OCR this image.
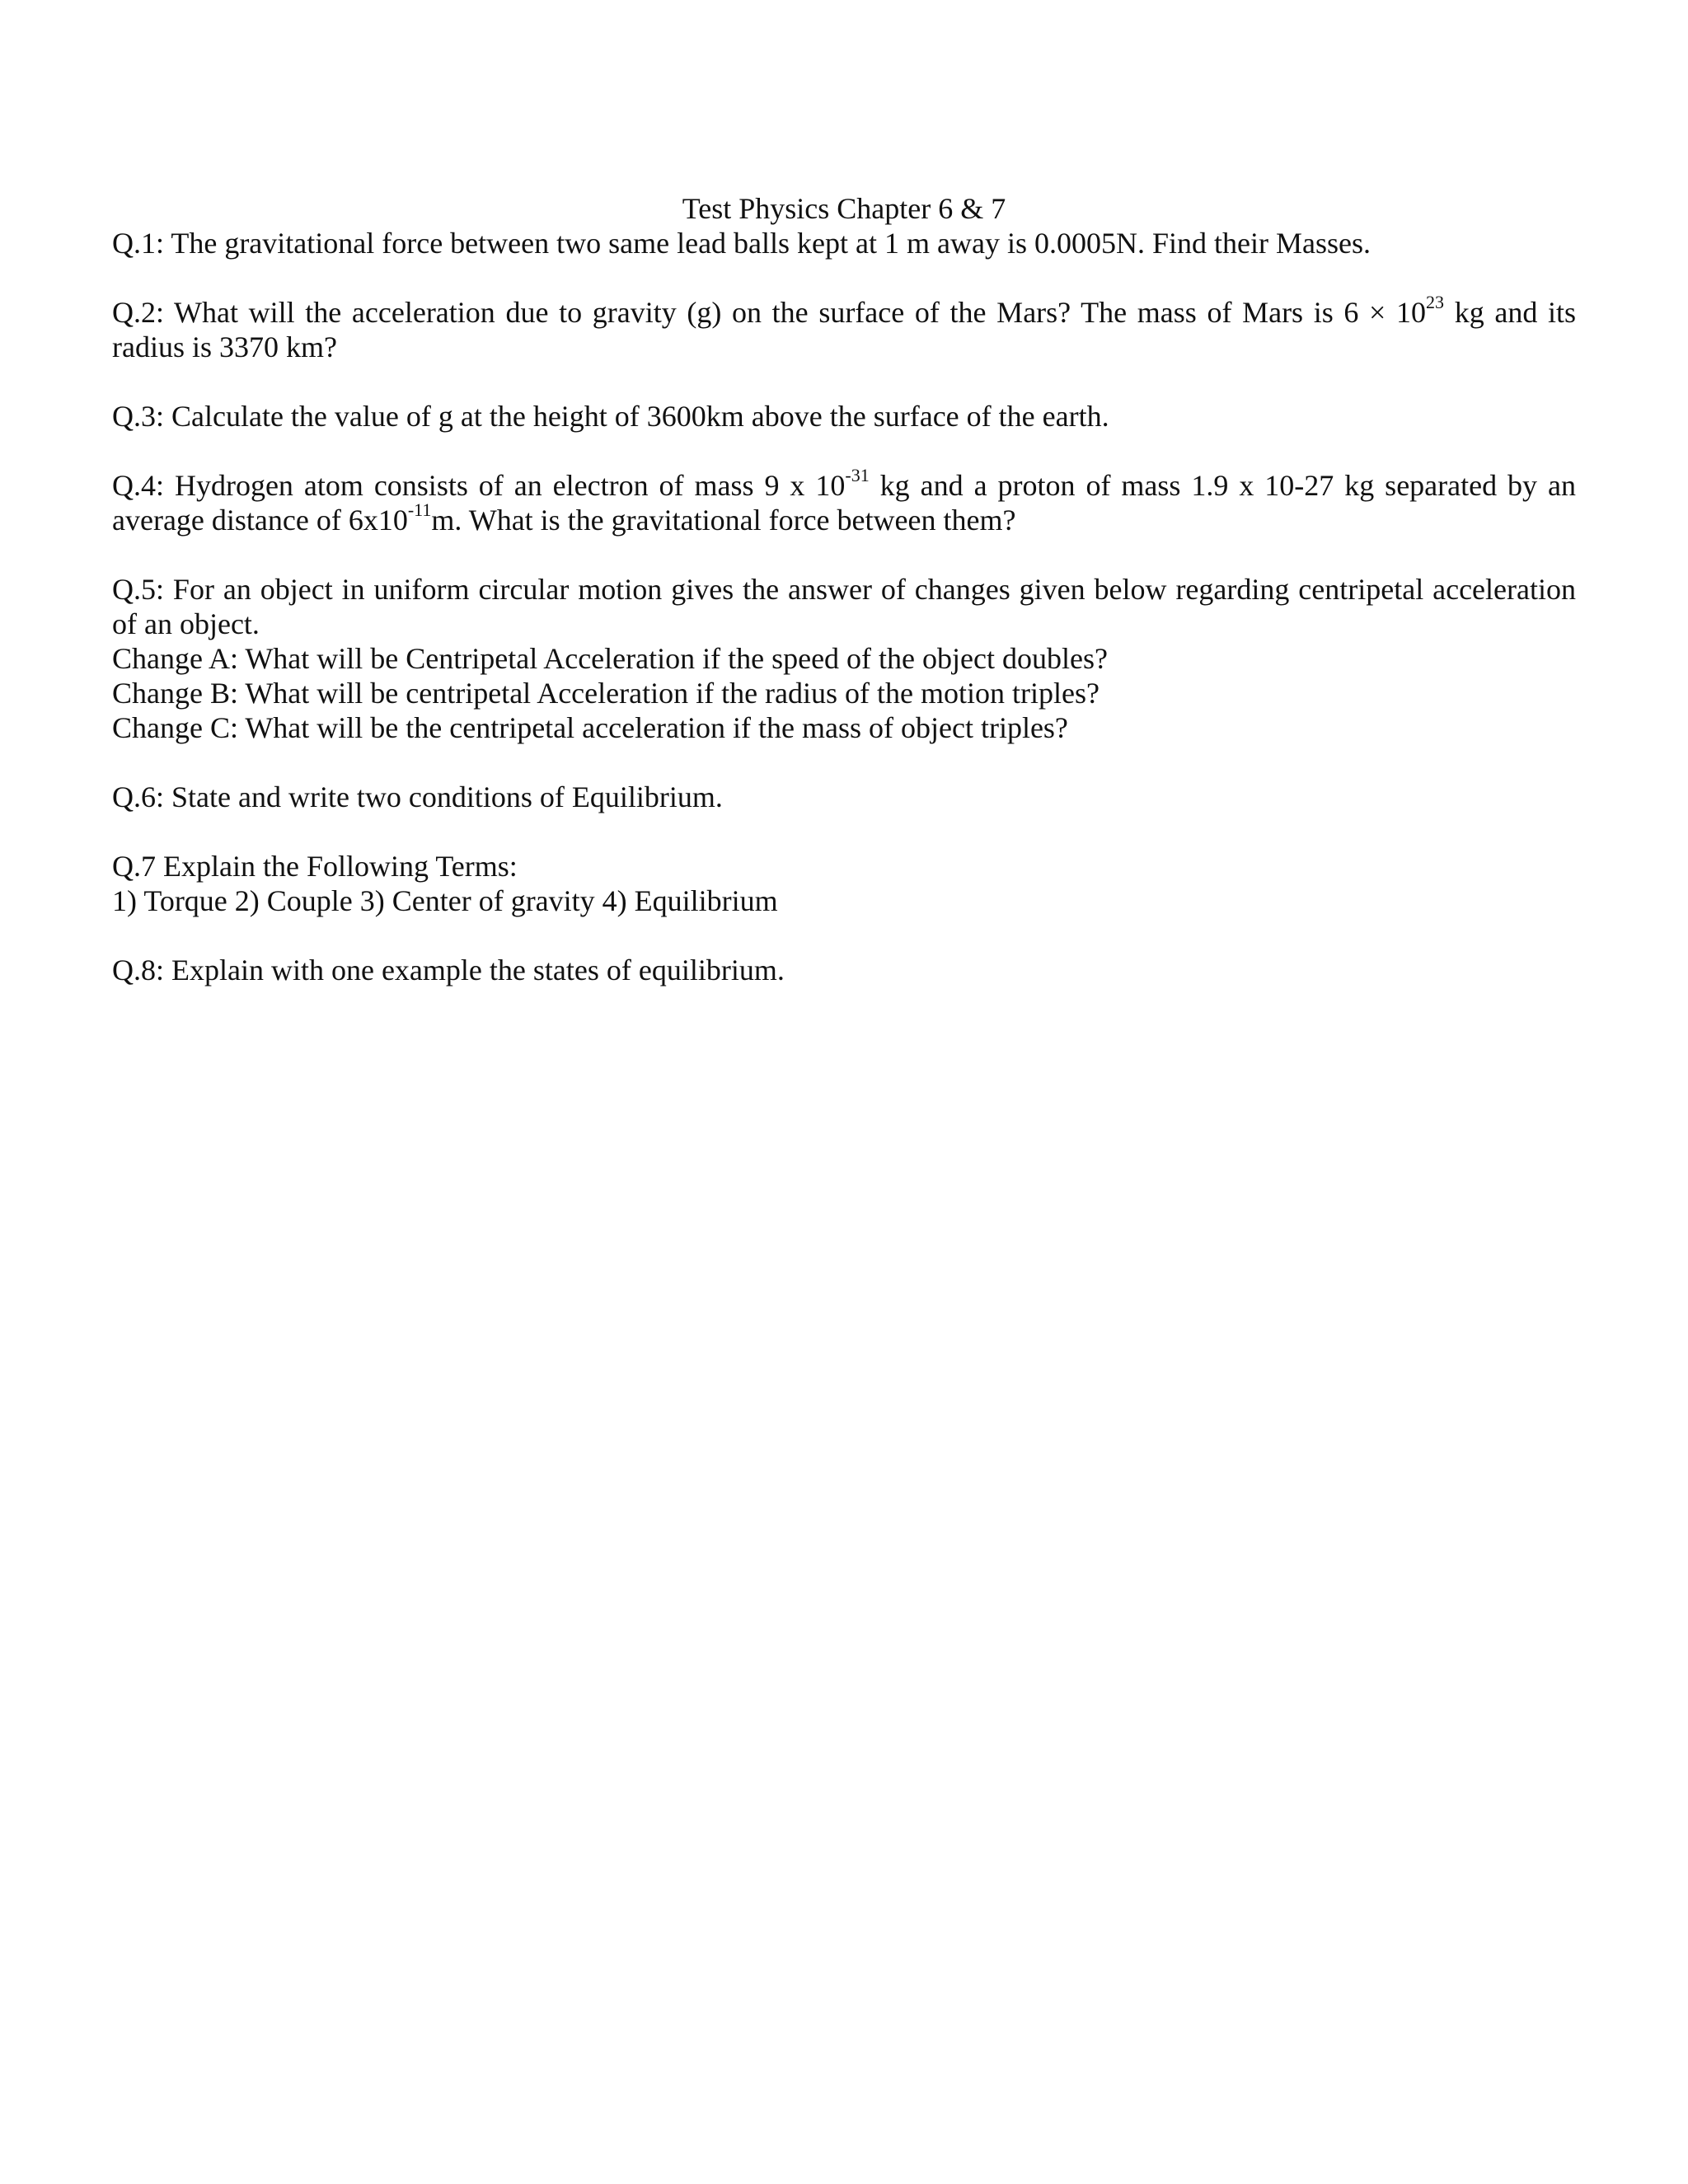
Test Physics Chapter 6 & 7

Q.1: The gravitational force between two same lead balls kept at 1 m away is 0.0005N. Find their Masses.

Q.2: What will the acceleration due to gravity (g) on the surface of the Mars? The mass of Mars is $6 \times 10^{23}$ kg and its radius is 3370 km?

Q.3: Calculate the value of g at the height of 3600km above the surface of the earth.

Q.4: Hydrogen atom consists of an electron of mass 9 x $10^{-31}$ kg and a proton of mass 1.9 x 10-27 kg separated by an average distance of $6x10^{-11}m$. What is the gravitational force between them?

Q.5: For an object in uniform circular motion gives the answer of changes given below regarding centripetal acceleration of an object.
Change A: What will be Centripetal Acceleration if the speed of the object doubles?
Change B: What will be centripetal Acceleration if the radius of the motion triples?
Change C: What will be the centripetal acceleration if the mass of object triples?

Q.6: State and write two conditions of Equilibrium.

Q.7 Explain the Following Terms:
1) Torque 2) Couple 3) Center of gravity 4) Equilibrium

Q.8: Explain with one example the states of equilibrium.
